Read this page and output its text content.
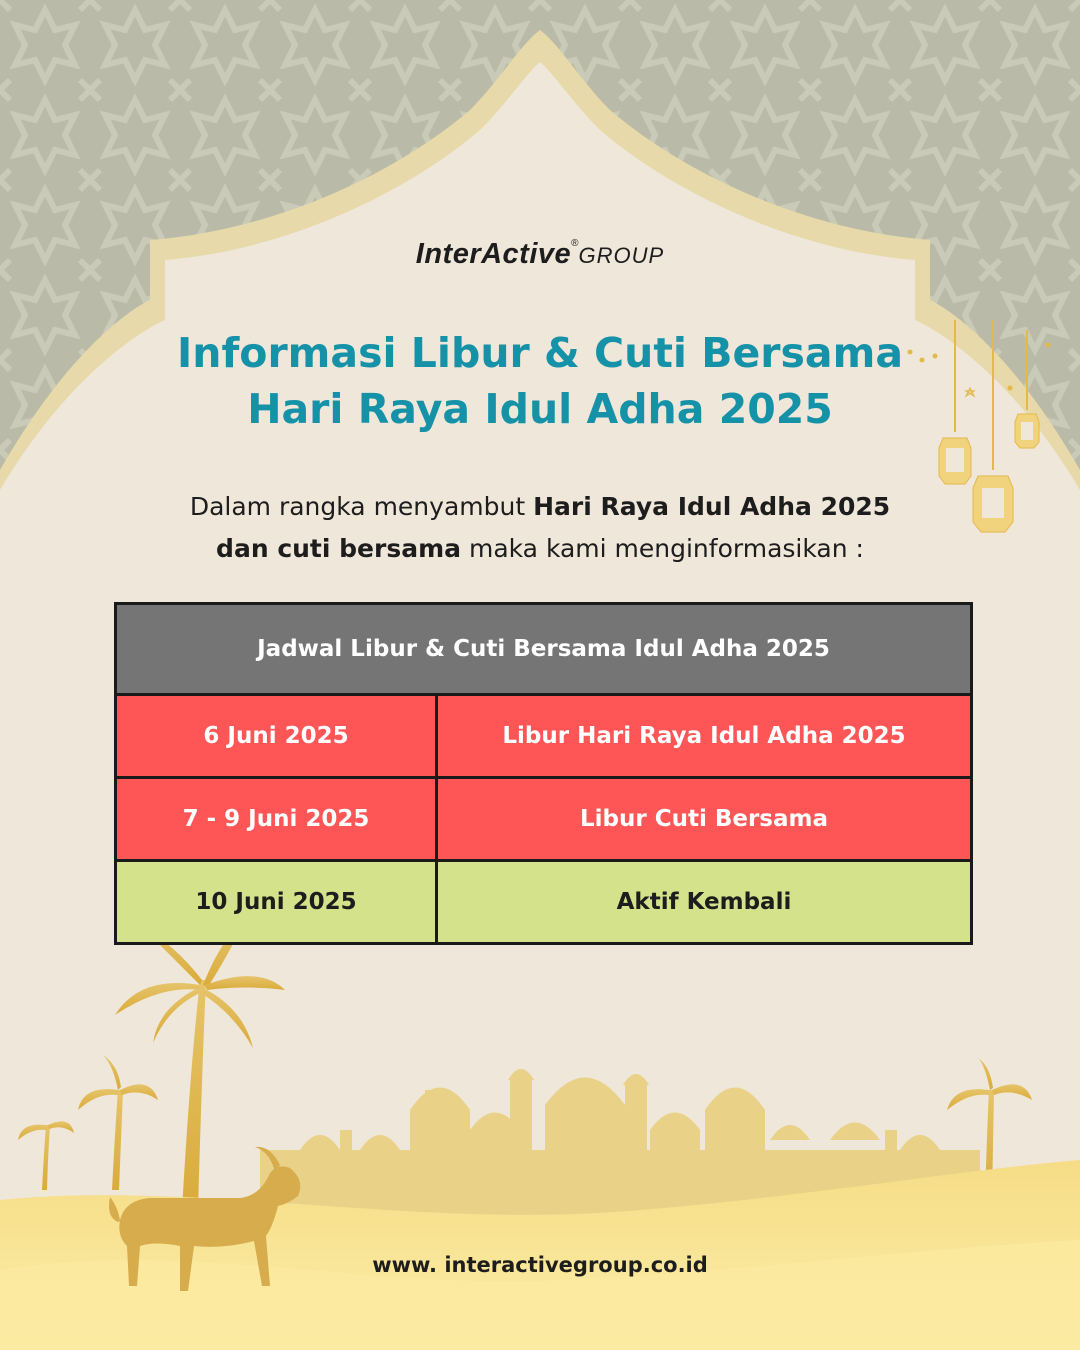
InterActive®GROUP
Informasi Libur & Cuti Bersama
Hari Raya Idul Adha 2025
Dalam rangka menyambut Hari Raya Idul Adha 2025
dan cuti bersama maka kami menginformasikan :
Jadwal Libur & Cuti Bersama Idul Adha 2025	
6 Juni 2025	Libur Hari Raya Idul Adha 2025
7 - 9 Juni 2025	Libur Cuti Bersama
10 Juni 2025	Aktif Kembali
www. interactivegroup.co.id
